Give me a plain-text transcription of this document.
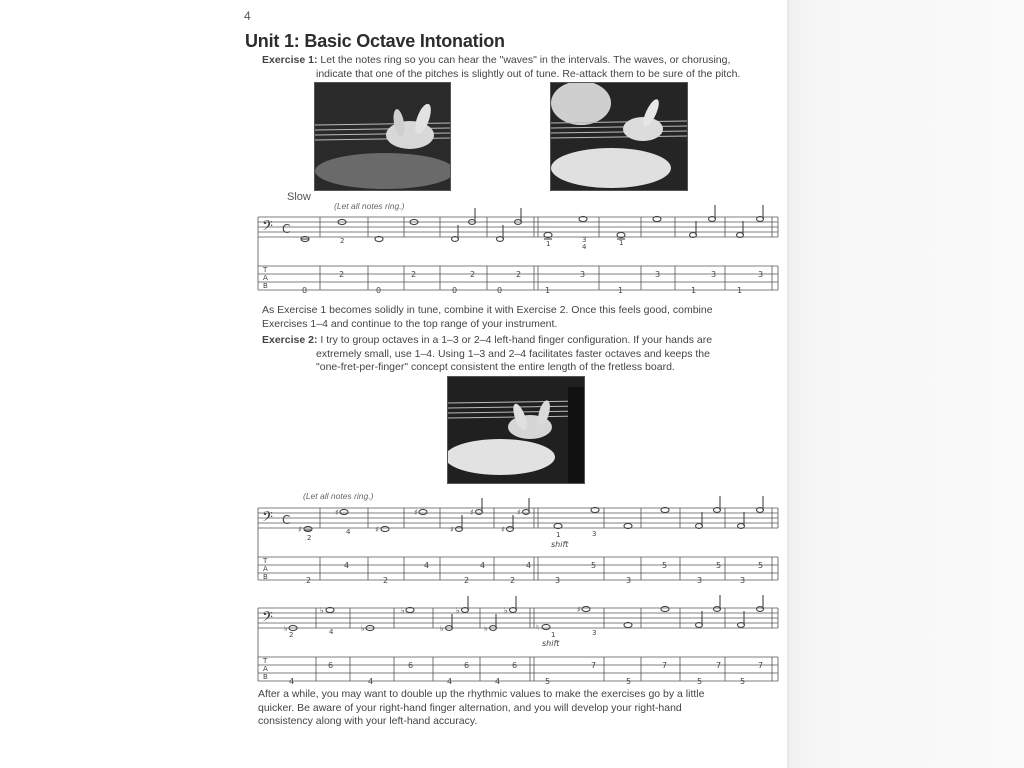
4
Unit 1: Basic Octave Intonation
Exercise 1: Let the notes ring so you can hear the "waves" in the intervals. The waves, or chorusing,
indicate that one of the pitches is slightly out of tune. Re-attack them to be sure of the pitch.
Slow
(Let all notes ring.)
𝄢 C
2	1	3
4	1
T
A
B
2	2	2	2	3	3	3	3
0	0	0	0	1	1	1	1
As Exercise 1 becomes solidly in tune, combine it with Exercise 2. Once this feels good, combine
Exercises 1–4 and continue to the top range of your instrument.
Exercise 2: I try to group octaves in a 1–3 or 2–4 left-hand finger configuration. If your hands are
extremely small, use 1–4. Using 1–3 and 2–4 facilitates faster octaves and keeps the
"one-fret-per-finger" concept consistent the entire length of the fretless board.
(Let all notes ring.)
𝄢 C
♯
♯
♯
♯
♯
♯
♯
♯
2
4	1	3
shift
T
A
B
4	4	4	4	5	5	5	5
2	2	2	2	3	3	3	3
𝄢 ♭
♭
♭
♭
♭
♭
♭
♭
♮
♯
2	4	1	3
shift
T
A
B
6	6	6	6	7	7	7	7
4	4	4	4	5	5	5	5
After a while, you may want to double up the rhythmic values to make the exercises go by a little
quicker. Be aware of your right-hand finger alternation, and you will develop your right-hand
consistency along with your left-hand accuracy.
